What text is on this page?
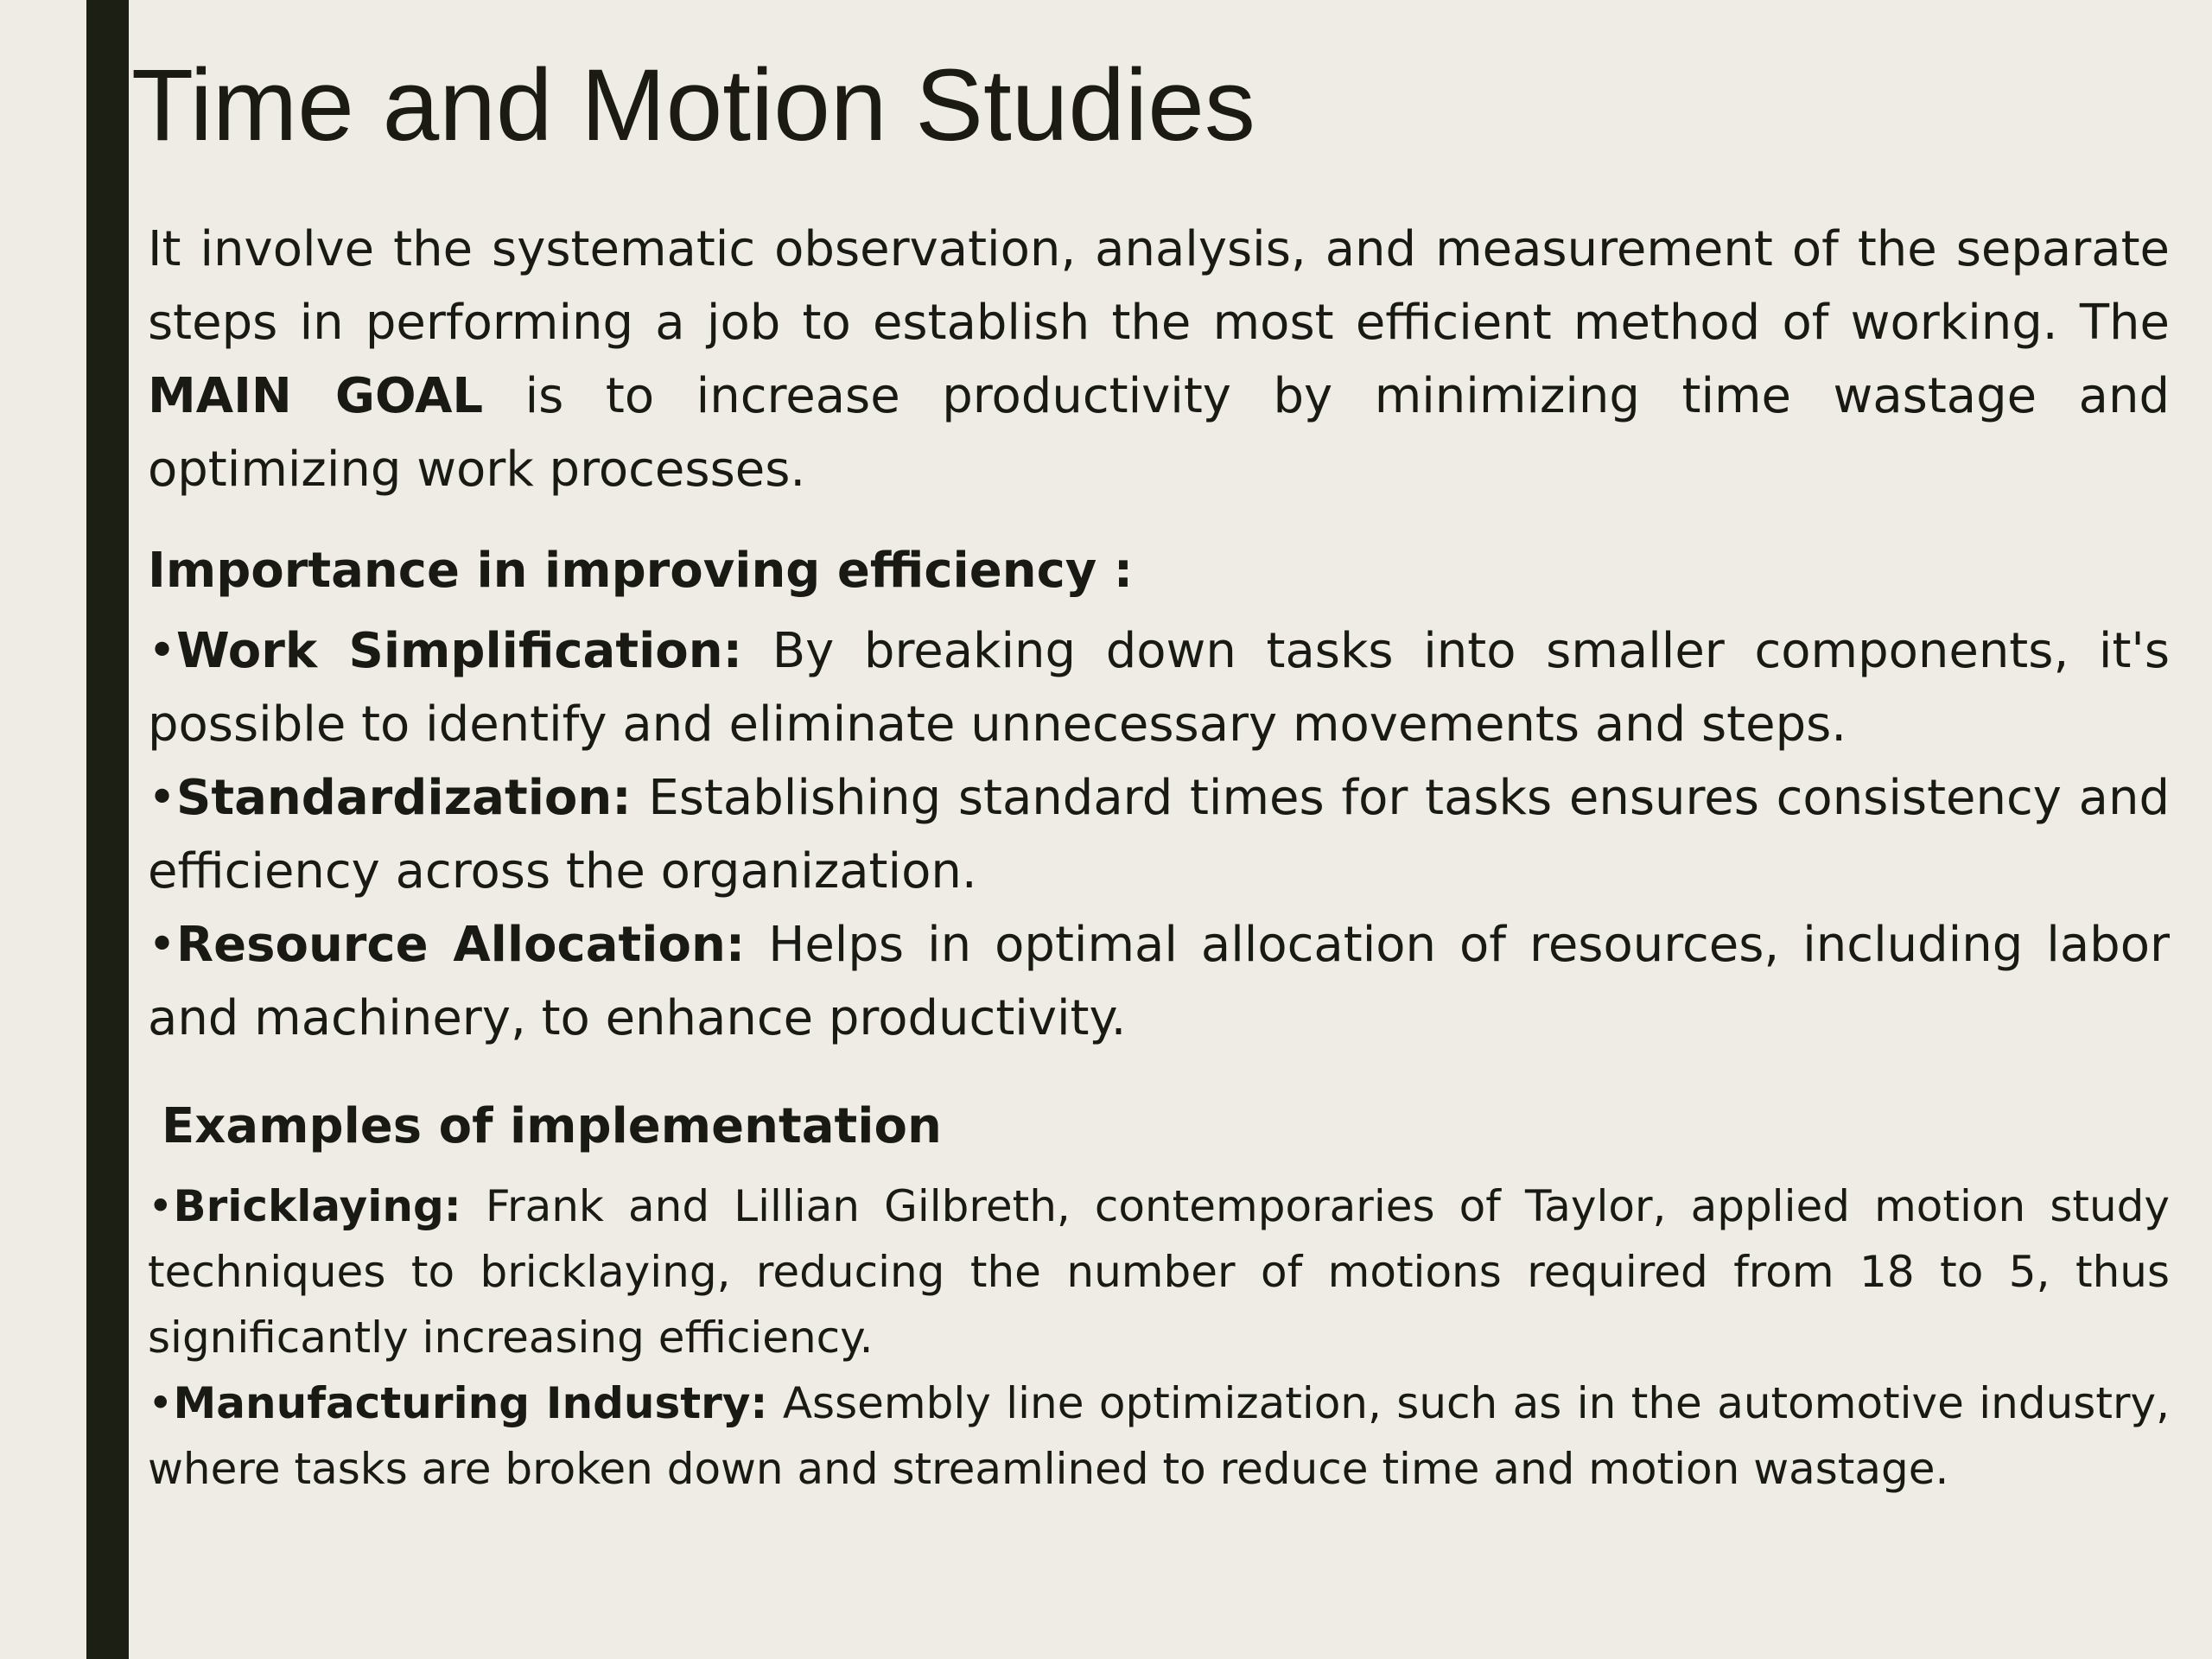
Time and Motion Studies

It involve the systematic observation, analysis, and measurement of the separate steps in performing a job to establish the most efficient method of working. The MAIN GOAL is to increase productivity by minimizing time wastage and optimizing work processes.

Importance in improving efficiency :

•Work Simplification: By breaking down tasks into smaller components, it's possible to identify and eliminate unnecessary movements and steps.

•Standardization: Establishing standard times for tasks ensures consistency and efficiency across the organization.

•Resource Allocation: Helps in optimal allocation of resources, including labor and machinery, to enhance productivity.

Examples of implementation

•Bricklaying: Frank and Lillian Gilbreth, contemporaries of Taylor, applied motion study techniques to bricklaying, reducing the number of motions required from 18 to 5, thus significantly increasing efficiency.

•Manufacturing Industry: Assembly line optimization, such as in the automotive industry, where tasks are broken down and streamlined to reduce time and motion wastage.
